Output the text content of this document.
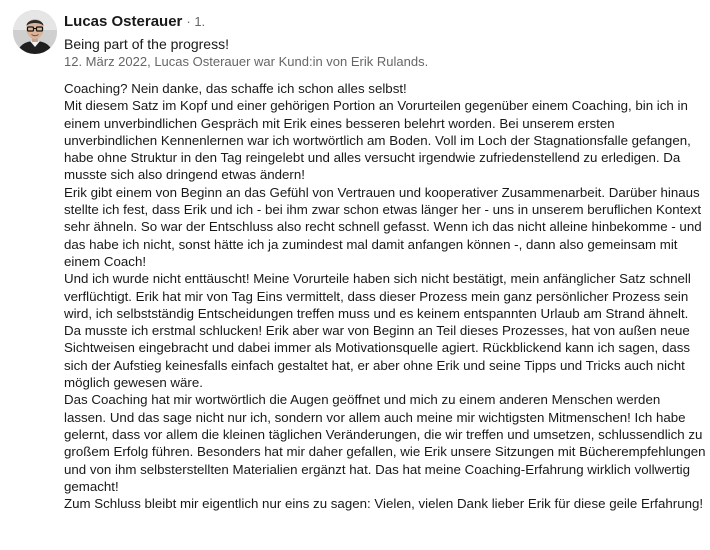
Lucas Osterauer · 1.
Being part of the progress!
12. März 2022, Lucas Osterauer war Kund:in von Erik Rulands.

Coaching? Nein danke, das schaffe ich schon alles selbst!

Mit diesem Satz im Kopf und einer gehörigen Portion an Vorurteilen gegenüber einem Coaching, bin ich in einem unverbindlichen Gespräch mit Erik eines besseren belehrt worden. Bei unserem ersten unverbindlichen Kennenlernen war ich wortwörtlich am Boden. Voll im Loch der Stagnationsfalle gefangen, habe ohne Struktur in den Tag reingelebt und alles versucht irgendwie zufriedenstellend zu erledigen. Da musste sich also dringend etwas ändern!

Erik gibt einem von Beginn an das Gefühl von Vertrauen und kooperativer Zusammenarbeit. Darüber hinaus stellte ich fest, dass Erik und ich - bei ihm zwar schon etwas länger her - uns in unserem beruflichen Kontext sehr ähneln. So war der Entschluss also recht schnell gefasst. Wenn ich das nicht alleine hinbekomme - und das habe ich nicht, sonst hätte ich ja zumindest mal damit anfangen können -, dann also gemeinsam mit einem Coach!

Und ich wurde nicht enttäuscht! Meine Vorurteile haben sich nicht bestätigt, mein anfänglicher Satz schnell verflüchtigt. Erik hat mir von Tag Eins vermittelt, dass dieser Prozess mein ganz persönlicher Prozess sein wird, ich selbstständig Entscheidungen treffen muss und es keinem entspannten Urlaub am Strand ähnelt. Da musste ich erstmal schlucken! Erik aber war von Beginn an Teil dieses Prozesses, hat von außen neue Sichtweisen eingebracht und dabei immer als Motivationsquelle agiert. Rückblickend kann ich sagen, dass sich der Aufstieg keinesfalls einfach gestaltet hat, er aber ohne Erik und seine Tipps und Tricks auch nicht möglich gewesen wäre.

Das Coaching hat mir wortwörtlich die Augen geöffnet und mich zu einem anderen Menschen werden lassen. Und das sage nicht nur ich, sondern vor allem auch meine mir wichtigsten Mitmenschen! Ich habe gelernt, dass vor allem die kleinen täglichen Veränderungen, die wir treffen und umsetzen, schlussendlich zu großem Erfolg führen. Besonders hat mir daher gefallen, wie Erik unsere Sitzungen mit Bücherempfehlungen und von ihm selbsterstellten Materialien ergänzt hat. Das hat meine Coaching-Erfahrung wirklich vollwertig gemacht!

Zum Schluss bleibt mir eigentlich nur eins zu sagen: Vielen, vielen Dank lieber Erik für diese geile Erfahrung!
